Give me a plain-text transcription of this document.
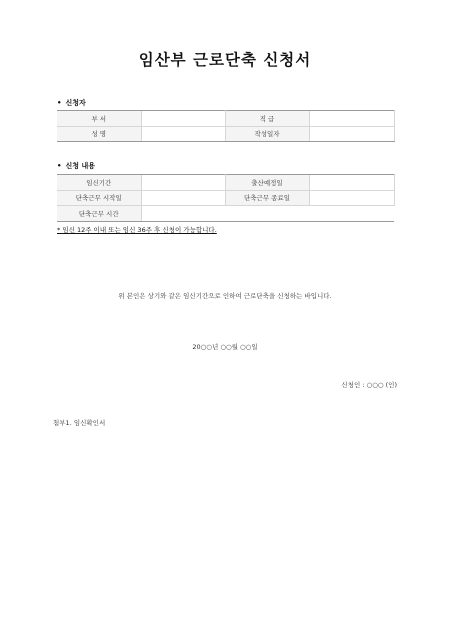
임산부 근로단축 신청서
• 신청자
부 서		직 급	
성 명		작성일자	
• 신청 내용
임신기간		출산예정일	
단축근무 시작일		단축근무 종료일	
단축근무 시간			
* 임신 12주 이내 또는 임신 36주 후 신청이 가능합니다.
위 본인은 상기와 같은 임신기간으로 인하여 근로단축을 신청하는 바입니다.
20○○년 ○○월 ○○일
신청인 : ○○○ (인)
첨부1. 임신확인서
